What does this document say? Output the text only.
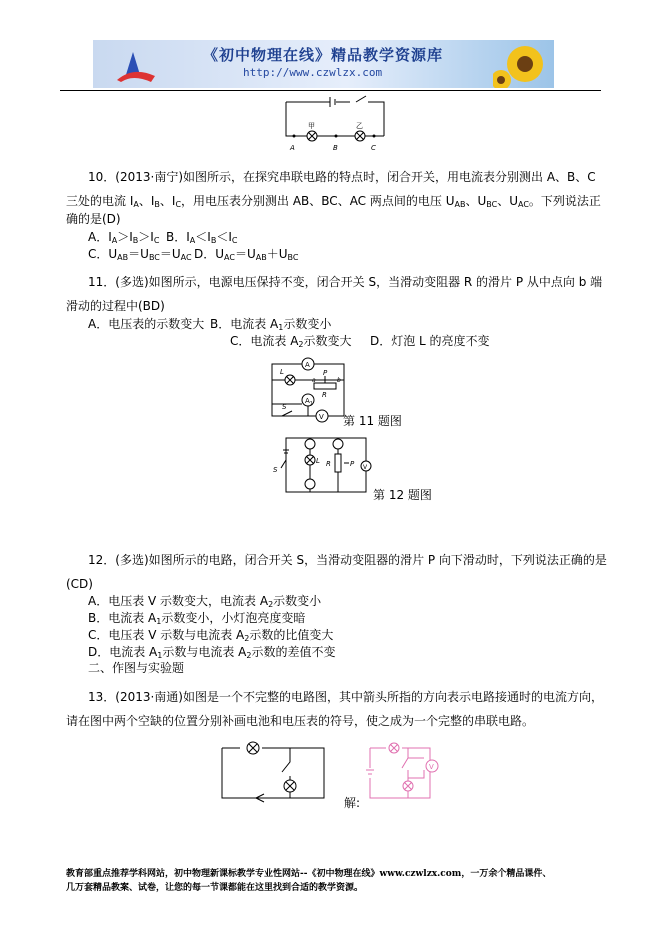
《初中物理在线》精品教学资源库
http://www.czwlzx.com
甲	乙
A	B	C
10．(2013·南宁)如图所示，在探究串联电路的特点时，闭合开关，用电流表分别测出 A、B、C
三处的电流 $I_A$、$I_B$、$I_C$，用电压表分别测出 AB、BC、AC 两点间的电压 $U_{AB}$、$U_{BC}$、$U_{AC}$。下列说法正
确的是(D)
A．$I_A>I_B>I_C$ B．$I_A<I_B<I_C$
C．$U_{AB}=U_{BC}=U_{AC}$ D．$U_{AC}=U_{AB}+U_{BC}$
11．(多选)如图所示，电源电压保持不变，闭合开关 S，当滑动变阻器 R 的滑片 P 从中点向 b 端
滑动的过程中(BD)
A．电压表的示数变大 B．电流表 $A_1$示数变小
C．电流表 $A_2$示数变大 D．灯泡 L 的亮度不变
A
L	P
a
R
b
$A_1$
S
V 第 11 题图
S
L R	P V
第 12 题图
12．(多选)如图所示的电路，闭合开关 S，当滑动变阻器的滑片 P 向下滑动时，下列说法正确的是
(CD)
A．电压表 V 示数变大，电流表 $A_2$示数变小
B．电流表 $A_1$示数变小，小灯泡亮度变暗
C．电压表 V 示数与电流表 $A_2$示数的比值变大
D．电流表 $A_1$示数与电流表 $A_2$示数的差值不变
二、作图与实验题
13．(2013·南通)如图是一个不完整的电路图，其中箭头所指的方向表示电路接通时的电流方向，
请在图中两个空缺的位置分别补画电池和电压表的符号，使之成为一个完整的串联电路。
解:
V
教育部重点推荐学科网站，初中物理新课标教学专业性网站--《初中物理在线》www.czwlzx.com，一万余个精品课件、
几万套精品教案、试卷，让您的每一节课都能在这里找到合适的教学资源。
